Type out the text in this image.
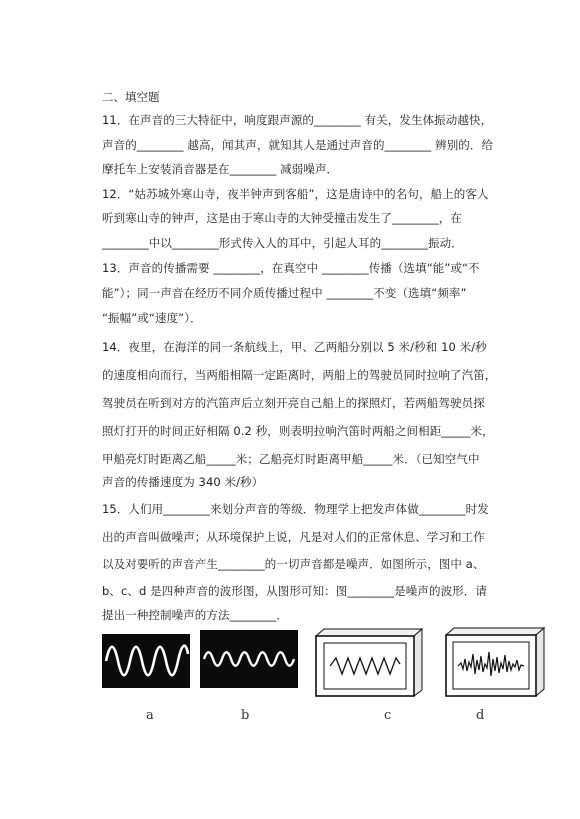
二、填空题
11．在声音的三大特征中，响度跟声源的________ 有关，发生体振动越快，
声音的________ 越高，闻其声，就知其人是通过声音的________ 辨别的．给
摩托车上安装消音器是在________ 减弱噪声．
12．“姑苏城外寒山寺，夜半钟声到客船”，这是唐诗中的名句，船上的客人
听到寒山寺的钟声，这是由于寒山寺的大钟受撞击发生了________，在
________中以________形式传入人的耳中，引起人耳的________振动．
13．声音的传播需要 ________，在真空中 ________传播（选填“能”或“不
能”）；同一声音在经历不同介质传播过程中 ________不变（选填“频率”
“振幅”或“速度”）．
14．夜里，在海洋的同一条航线上，甲、乙两船分别以 5 米/秒和 10 米/秒
的速度相向而行，当两船相隔一定距离时，两船上的驾驶员同时拉响了汽笛，
驾驶员在听到对方的汽笛声后立刻开亮自己船上的探照灯，若两船驾驶员探
照灯打开的时间正好相隔 0.2 秒，则表明拉响汽笛时两船之间相距_____米，
甲船亮灯时距离乙船_____米；乙船亮灯时距离甲船_____米．（已知空气中
声音的传播速度为 340 米/秒）
15．人们用________来划分声音的等级．物理学上把发声体做________时发
出的声音叫做噪声；从环境保护上说，凡是对人们的正常休息、学习和工作
以及对要听的声音产生________的一切声音都是噪声．如图所示，图中 a、
b、c、d 是四种声音的波形图，从图形可知：图________是噪声的波形．请
提出一种控制噪声的方法________．
a	b	c	d
